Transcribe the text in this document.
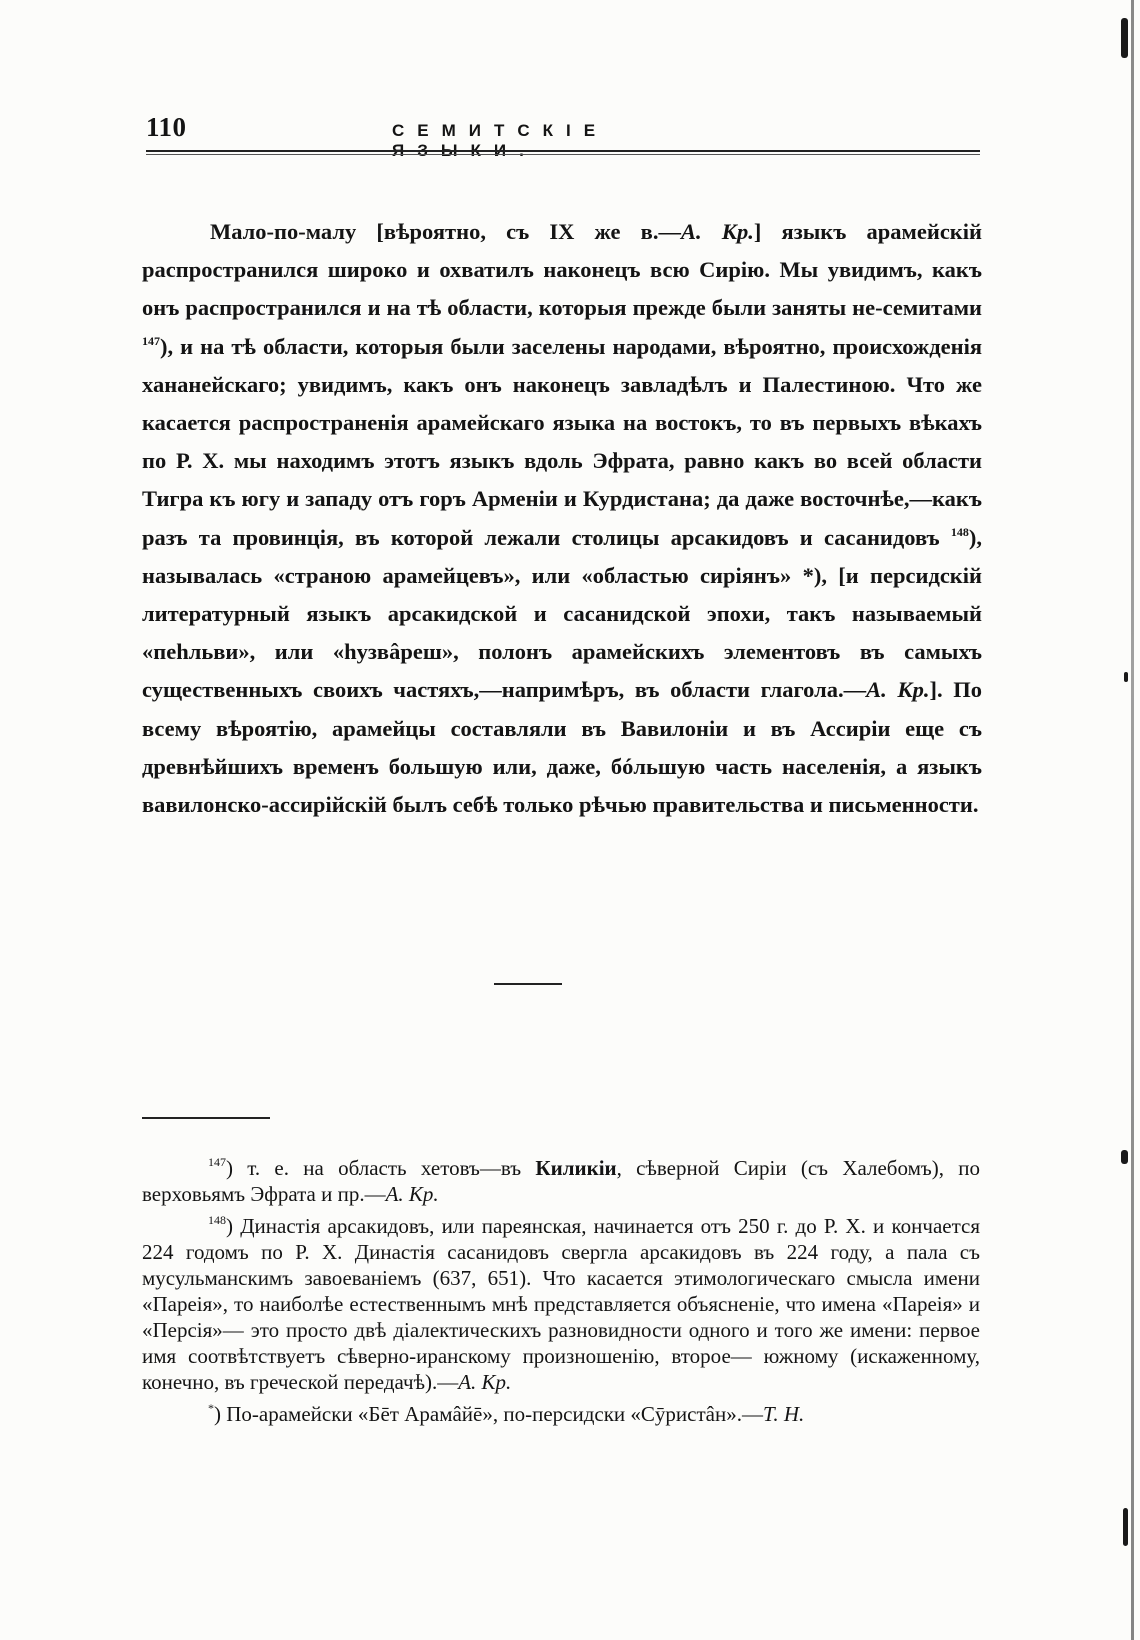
110	СЕМИТСКІЕ ЯЗЫКИ.

Мало-по-малу [вѣроятно, съ IX же в.—А. Кр.] языкъ арамейскій распространился широко и охватилъ наконецъ всю Сирію. Мы увидимъ, какъ онъ распространился и на тѣ области, которыя прежде были заняты не-семитами $^{147}$), и на тѣ области, которыя были заселены народами, вѣроятно, происхожденія хананейскаго; увидимъ, какъ онъ наконецъ завладѣлъ и Палестиною. Что же касается распространенія арамейскаго языка на востокъ, то въ первыхъ вѣкахъ по Р. X. мы находимъ этотъ языкъ вдоль Эфрата, равно какъ во всей области Тигра къ югу и западу отъ горъ Арменіи и Курдистана; да даже восточнѣе,—какъ разъ та провинція, въ которой лежали столицы арсакидовъ и сасанидовъ $^{148}$), называлась «страною арамейцевъ», или «областью сиріянъ» *), [и персидскій литературный языкъ арсакидской и сасанидской эпохи, такъ называемый «пеhльви», или «hузвâреш», полонъ арамейскихъ элементовъ въ самыхъ существенныхъ своихъ частяхъ,—напримѣръ, въ области глагола.—А. Кр.]. По всему вѣроятію, арамейцы составляли въ Вавилоніи и въ Ассиріи еще съ древнѣйшихъ временъ большую или, даже, бóльшую часть населенія, а языкъ вавилонско-ассирійскій былъ себѣ только рѣчью правительства и письменности.

$^{147}$) т. е. на область хетовъ—въ Киликіи, сѣверной Сиріи (съ Халебомъ), по верховьямъ Эфрата и пр.—А. Кр.

$^{148}$) Династія арсакидовъ, или пареянская, начинается отъ 250 г. до Р. X. и кончается 224 годомъ по Р. X. Династія сасанидовъ свергла арсакидовъ въ 224 году, а пала съ мусульманскимъ завоеваніемъ (637, 651). Что касается этимологическаго смысла имени «Пареія», то наиболѣе естественнымъ мнѣ представляется объясненіе, что имена «Пареія» и «Персія»— это просто двѣ діалектическихъ разновидности одного и того же имени: первое имя соотвѣтствуетъ сѣверно-иранскому произношенію, второе— южному (искаженному, конечно, въ греческой передачѣ).—А. Кр.

*) По-арамейски «Бēт Арамâйē», по-персидски «Сӯристâн».—Т. Н.
